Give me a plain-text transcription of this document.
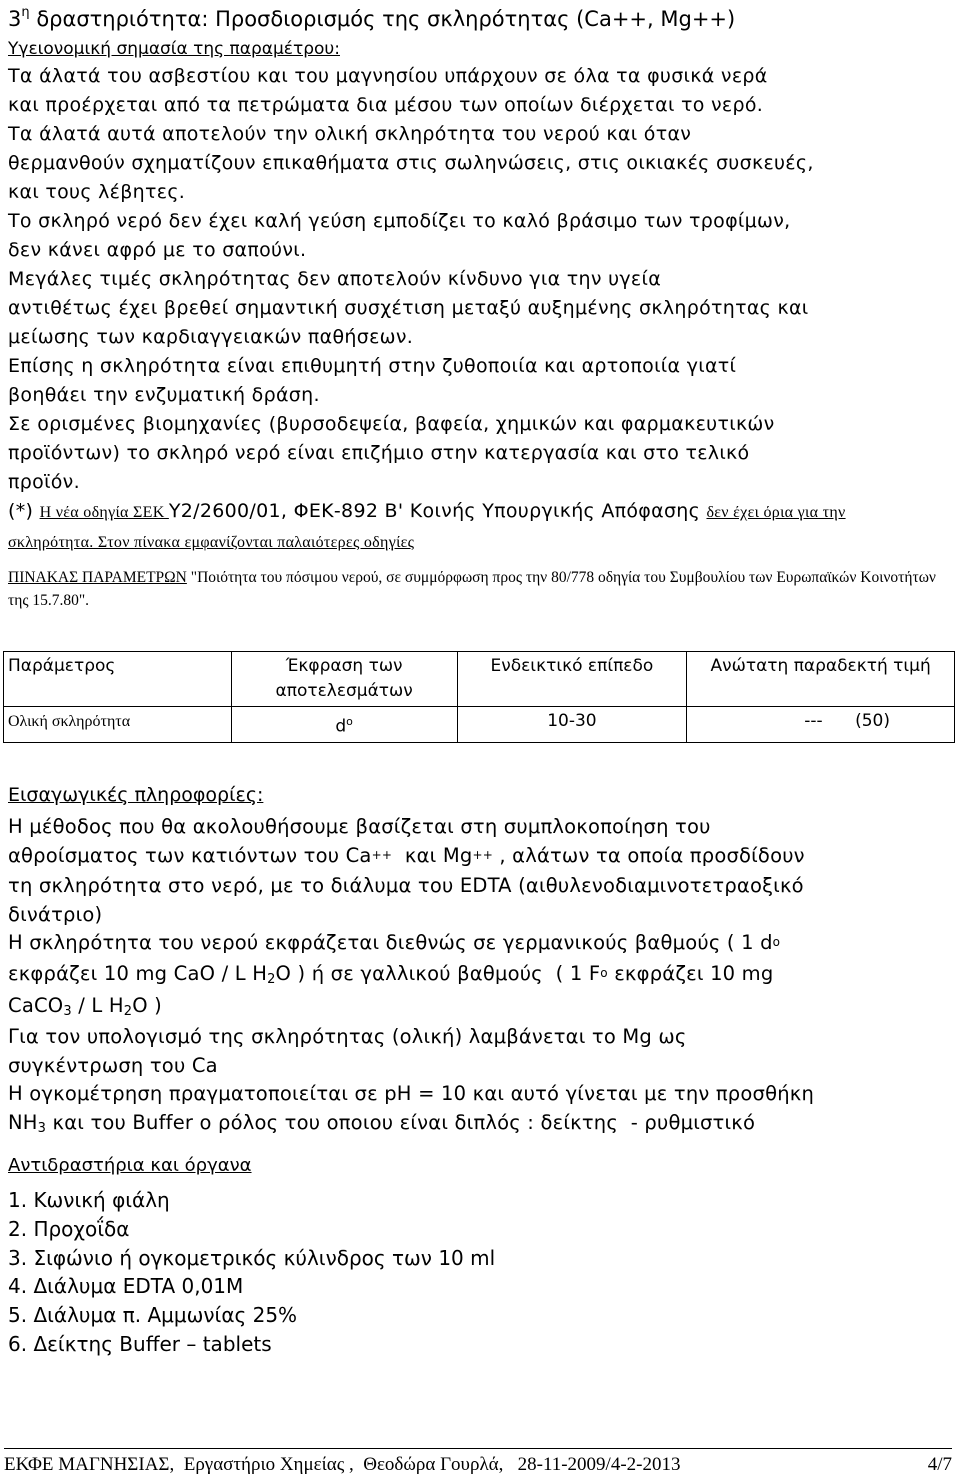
$3^\eta$ δραστηριότητα: Προσδιορισμός της σκληρότητας (Ca++, Mg++)
Υγειονομική σημασία της παραμέτρου:
Τα άλατά του ασβεστίου και του μαγνησίου υπάρχουν σε όλα τα φυσικά νερά
και προέρχεται από τα πετρώματα δια μέσου των οποίων διέρχεται το νερό.
Τα άλατά αυτά αποτελούν την ολική σκληρότητα του νερού και όταν
θερμανθούν σχηματίζουν επικαθήματα στις σωληνώσεις, στις οικιακές συσκευές,
και τους λέβητες.
Το σκληρό νερό δεν έχει καλή γεύση εμποδίζει το καλό βράσιμο των τροφίμων,
δεν κάνει αφρό με το σαπούνι.
Μεγάλες τιμές σκληρότητας δεν αποτελούν κίνδυνο για την υγεία
αντιθέτως έχει βρεθεί σημαντική συσχέτιση μεταξύ αυξημένης σκληρότητας και
μείωσης των καρδιαγγειακών παθήσεων.
Επίσης η σκληρότητα είναι επιθυμητή στην ζυθοποιία και αρτοποιία γιατί
βοηθάει την ενζυματική δράση.
Σε ορισμένες βιομηχανίες (βυρσοδεψεία, βαφεία, χημικών και φαρμακευτικών
προϊόντων) το σκληρό νερό είναι επιζήμιο στην κατεργασία και στο τελικό
προϊόν.
(*) Η νέα οδηγία ΣΕΚ Υ2/2600/01, ΦΕΚ-892 Β' Κοινής Υπουργικής Απόφασης δεν έχει όρια για την
σκληρότητα. Στον πίνακα εμφανίζονται παλαιότερες οδηγίες
ΠΙΝΑΚΑΣ ΠΑΡΑΜΕΤΡΩΝ "Ποιότητα του πόσιμου νερού, σε συμμόρφωση προς την 80/778 οδηγία του Συμβουλίου των Ευρωπαϊκών Κοινοτήτων της 15.7.80".
Παράμετρος	Έκφραση των αποτελεσμάτων	Ενδεικτικό επίπεδο	Ανώτατη παραδεκτή τιμή
Ολική σκληρότητα	$d^o$	10-30	---      (50)
Εισαγωγικές πληροφορίες:
Η μέθοδος που θα ακολουθήσουμε βασίζεται στη συμπλοκοποίηση του
αθροίσματος των κατιόντων του Ca++  και Mg++ , αλάτων τα οποία προσδίδουν
τη σκληρότητα στο νερό, με το διάλυμα του EDTA (αιθυλενοδιαμινοτετραοξικό
δινάτριο)
Η σκληρότητα του νερού εκφράζεται διεθνώς σε γερμανικούς βαθμούς ( 1 $d^o$
εκφράζει 10 mg CaO / L $H_2O$ ) ή σε γαλλικού βαθμούς  ( 1 $F^o$ εκφράζει 10 mg
CaCO$_3$ / L $H_2O$ )
Για τον υπολογισμό της σκληρότητας (ολική) λαμβάνεται το Mg ως
συγκέντρωση του Ca
Η ογκομέτρηση πραγματοποιείται σε pH = 10 και αυτό γίνεται με την προσθήκη
$NH_3$ και του Buffer ο ρόλος του οποιου είναι διπλός : δείκτης  - ρυθμιστικό
Αντιδραστήρια και όργανα
1. Κωνική φιάλη
2. Προχοΐδα
3. Σιφώνιο ή ογκομετρικός κύλινδρος των 10 ml
4. Διάλυμα EDTA 0,01M
5. Διάλυμα π. Αμμωνίας 25%
6. Δείκτης Buffer – tablets
ΕΚΦΕ ΜΑΓΝΗΣΙΑΣ,  Εργαστήριο Χημείας ,  Θεοδώρα Γουρλά,   28-11-2009/4-2-2013	4/7
